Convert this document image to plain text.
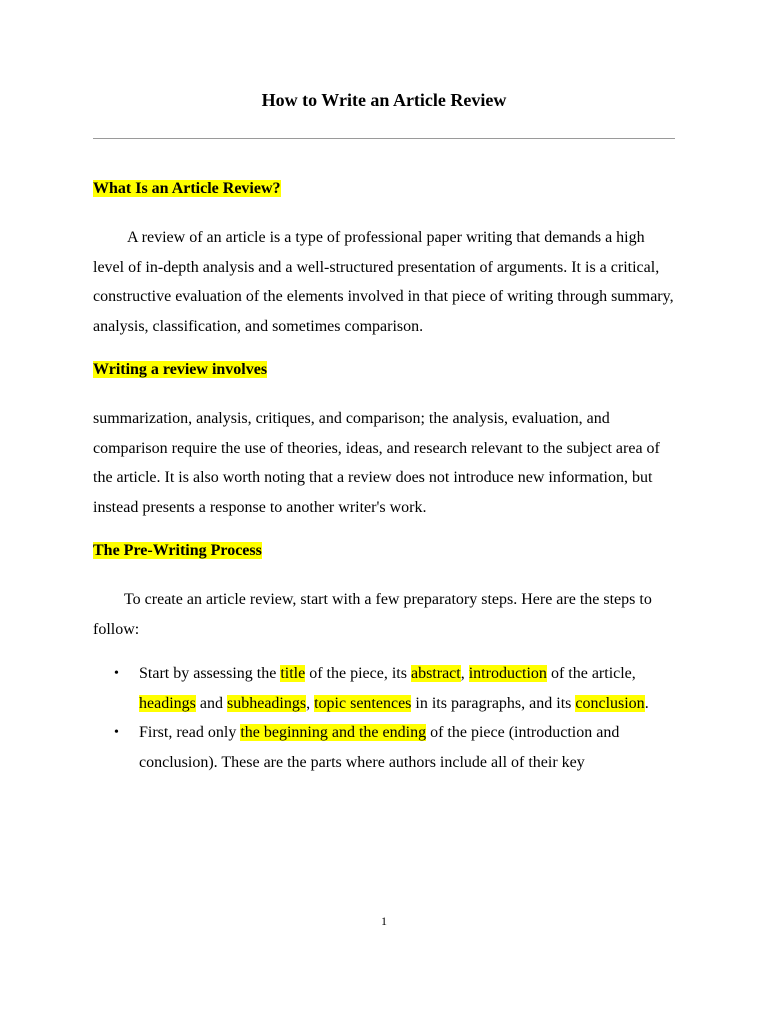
How to Write an Article Review

What Is an Article Review?

A review of an article is a type of professional paper writing that demands a high level of in-depth analysis and a well-structured presentation of arguments. It is a critical, constructive evaluation of the elements involved in that piece of writing through summary, analysis, classification, and sometimes comparison.

Writing a review involves

summarization, analysis, critiques, and comparison; the analysis, evaluation, and comparison require the use of theories, ideas, and research relevant to the subject area of the article. It is also worth noting that a review does not introduce new information, but instead presents a response to another writer's work.

The Pre-Writing Process

To create an article review, start with a few preparatory steps. Here are the steps to follow:

• Start by assessing the title of the piece, its abstract, introduction of the article, headings and subheadings, topic sentences in its paragraphs, and its conclusion.
• First, read only the beginning and the ending of the piece (introduction and conclusion). These are the parts where authors include all of their key
1
